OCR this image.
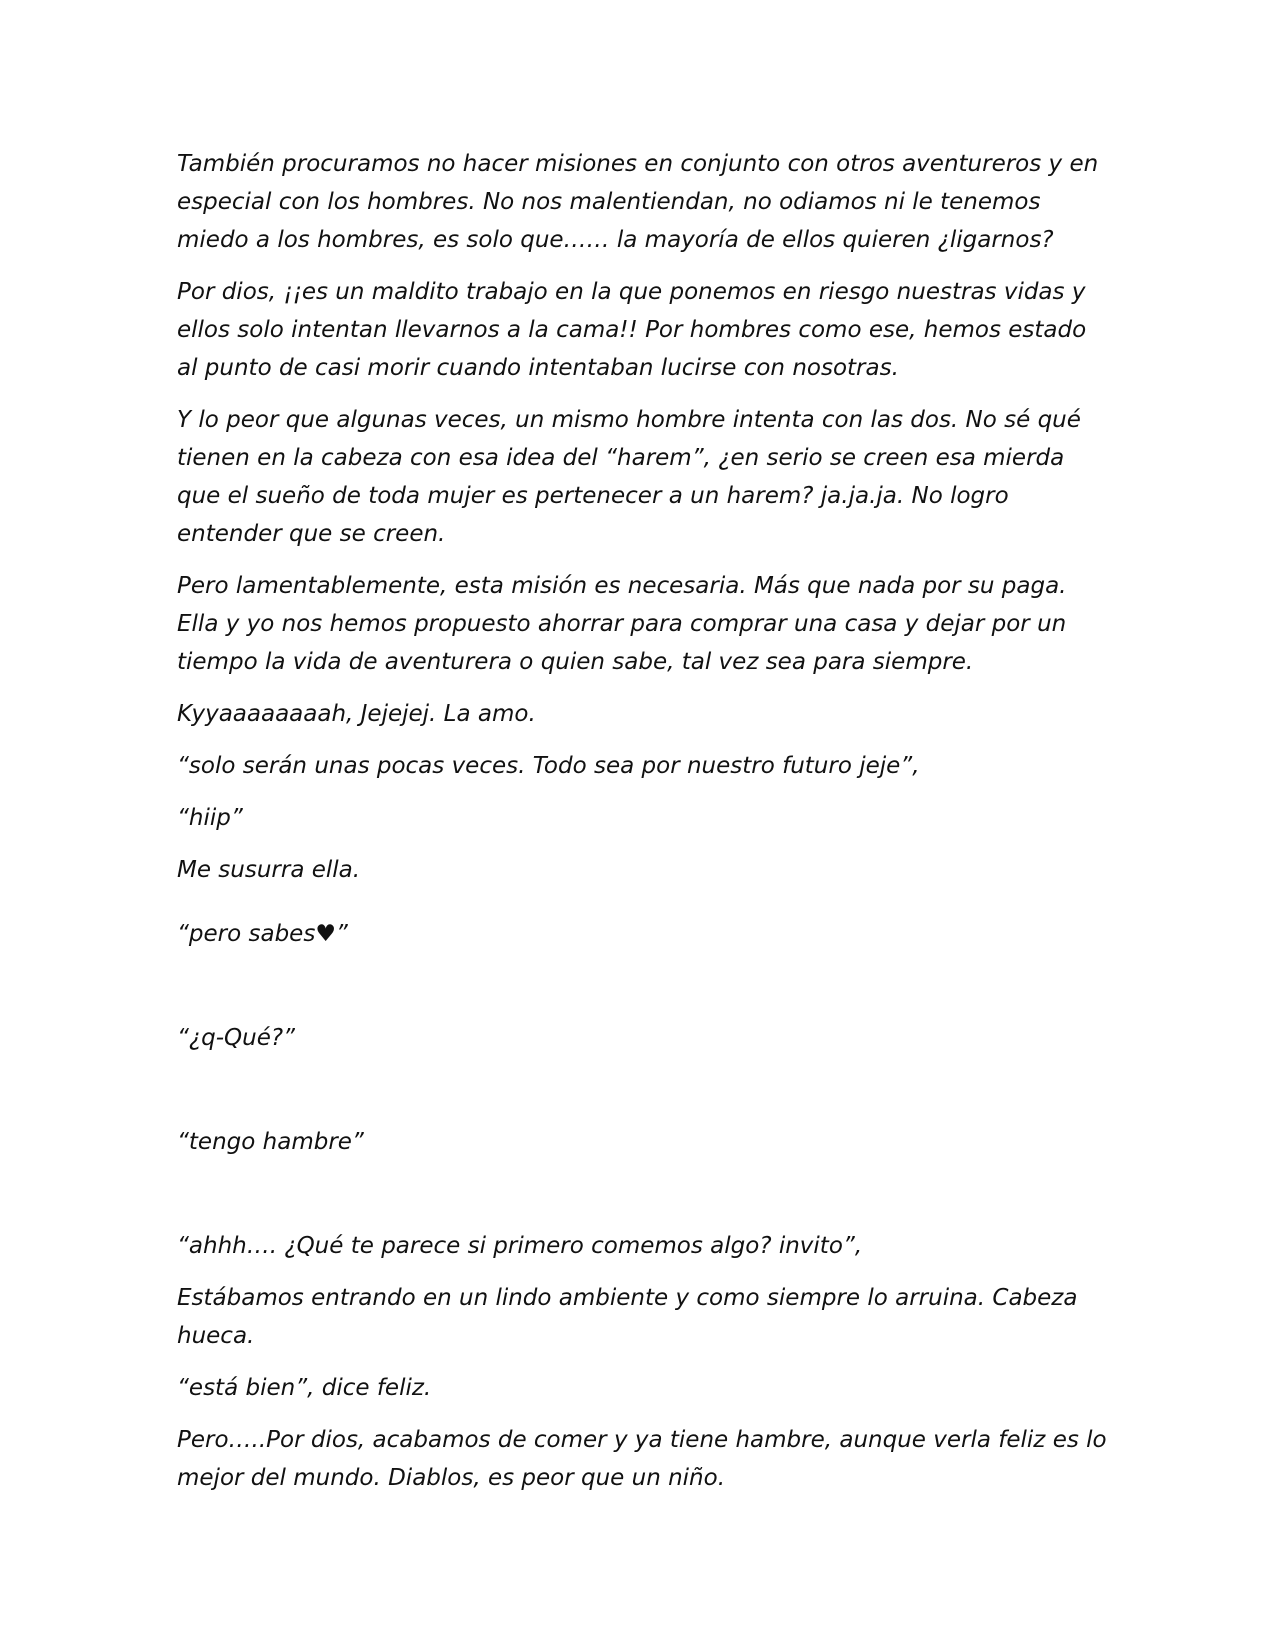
También procuramos no hacer misiones en conjunto con otros aventureros y en especial con los hombres. No nos malentiendan, no odiamos ni le tenemos miedo a los hombres, es solo que…… la mayoría de ellos quieren ¿ligarnos?

Por dios, ¡¡es un maldito trabajo en la que ponemos en riesgo nuestras vidas y ellos solo intentan llevarnos a la cama!! Por hombres como ese, hemos estado al punto de casi morir cuando intentaban lucirse con nosotras.

Y lo peor que algunas veces, un mismo hombre intenta con las dos. No sé qué tienen en la cabeza con esa idea del “harem”, ¿en serio se creen esa mierda que el sueño de toda mujer es pertenecer a un harem? ja.ja.ja. No logro entender que se creen.

Pero lamentablemente, esta misión es necesaria. Más que nada por su paga. Ella y yo nos hemos propuesto ahorrar para comprar una casa y dejar por un tiempo la vida de aventurera o quien sabe, tal vez sea para siempre.

Kyyaaaaaaaah, Jejejej. La amo.

“solo serán unas pocas veces. Todo sea por nuestro futuro jeje”,

“hiip”

Me susurra ella.

“pero sabes♥”

“¿q-Qué?”

“tengo hambre”

“ahhh…. ¿Qué te parece si primero comemos algo? invito”,

Estábamos entrando en un lindo ambiente y como siempre lo arruina. Cabeza hueca.

“está bien”, dice feliz.

Pero…..Por dios, acabamos de comer y ya tiene hambre, aunque verla feliz es lo mejor del mundo. Diablos, es peor que un niño.
